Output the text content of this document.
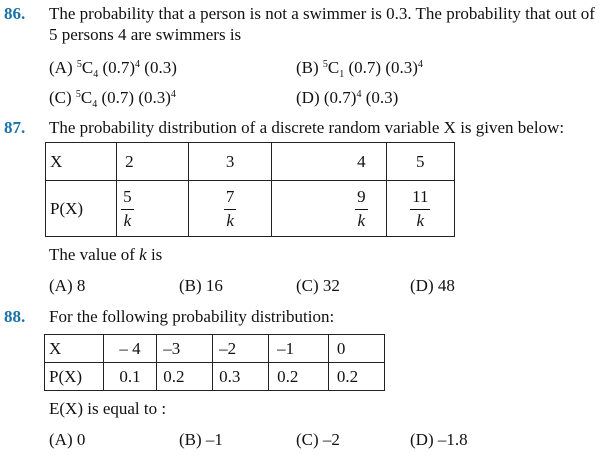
86. The probability that a person is not a swimmer is 0.3. The probability that out of
5 persons 4 are swimmers is
(A) $^5C_4$ $(0.7)^4$ (0.3)	(B) $^5C_1$ (0.7) $(0.3)^4$
(C) $^5C_4$ (0.7) $(0.3)^4$	(D) $(0.7)^4$ (0.3)
87. The probability distribution of a discrete random variable X is given below:
X	2	3	4	5
P(X)	$\frac{5}{k}$	$\frac{7}{k}$	$\frac{9}{k}$	$\frac{11}{k}$
The value of k is
(A) 8	(B) 16	(C) 32	(D) 48
88. For the following probability distribution:
X	– 4	–3	–2	–1	0
P(X)	0.1	0.2	0.3	0.2	0.2
E(X) is equal to :
(A) 0	(B) –1	(C) –2	(D) –1.8
